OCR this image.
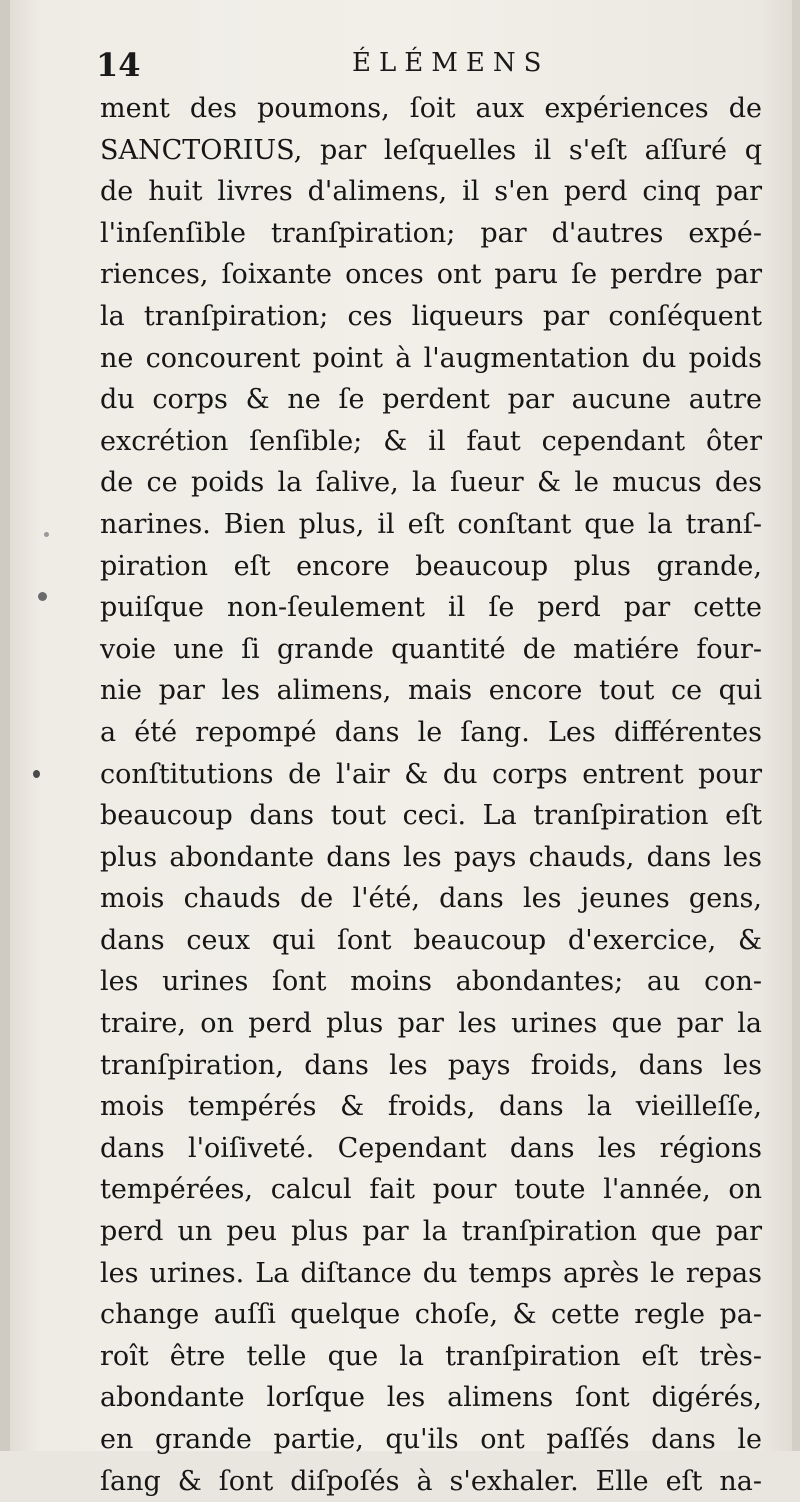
14	ÉLÉMENS
ment des poumons, ſoit aux expériences de
SANCTORIUS, par leſquelles il s'eſt aſſuré q
de huit livres d'alimens, il s'en perd cinq par
l'inſenſible tranſpiration; par d'autres expé-
riences, ſoixante onces ont paru ſe perdre par
la tranſpiration; ces liqueurs par conſéquent
ne concourent point à l'augmentation du poids
du corps & ne ſe perdent par aucune autre
excrétion ſenſible; & il faut cependant ôter
de ce poids la ſalive, la ſueur & le mucus des
narines. Bien plus, il eſt conſtant que la tranſ-
piration eſt encore beaucoup plus grande,
puiſque non-ſeulement il ſe perd par cette
voie une ſi grande quantité de matiére four-
nie par les alimens, mais encore tout ce qui
a été repompé dans le ſang. Les différentes
conſtitutions de l'air & du corps entrent pour
beaucoup dans tout ceci. La tranſpiration eſt
plus abondante dans les pays chauds, dans les
mois chauds de l'été, dans les jeunes gens,
dans ceux qui ſont beaucoup d'exercice, &
les urines ſont moins abondantes; au con-
traire, on perd plus par les urines que par la
tranſpiration, dans les pays froids, dans les
mois tempérés & froids, dans la vieilleſſe,
dans l'oiſiveté. Cependant dans les régions
tempérées, calcul fait pour toute l'année, on
perd un peu plus par la tranſpiration que par
les urines. La diſtance du temps après le repas
change auſſi quelque choſe, & cette regle pa-
roît être telle que la tranſpiration eſt très-
abondante lorſque les alimens ſont digérés,
en grande partie, qu'ils ont paſſés dans le
ſang & ſont diſpoſés à s'exhaler. Elle eſt na-
